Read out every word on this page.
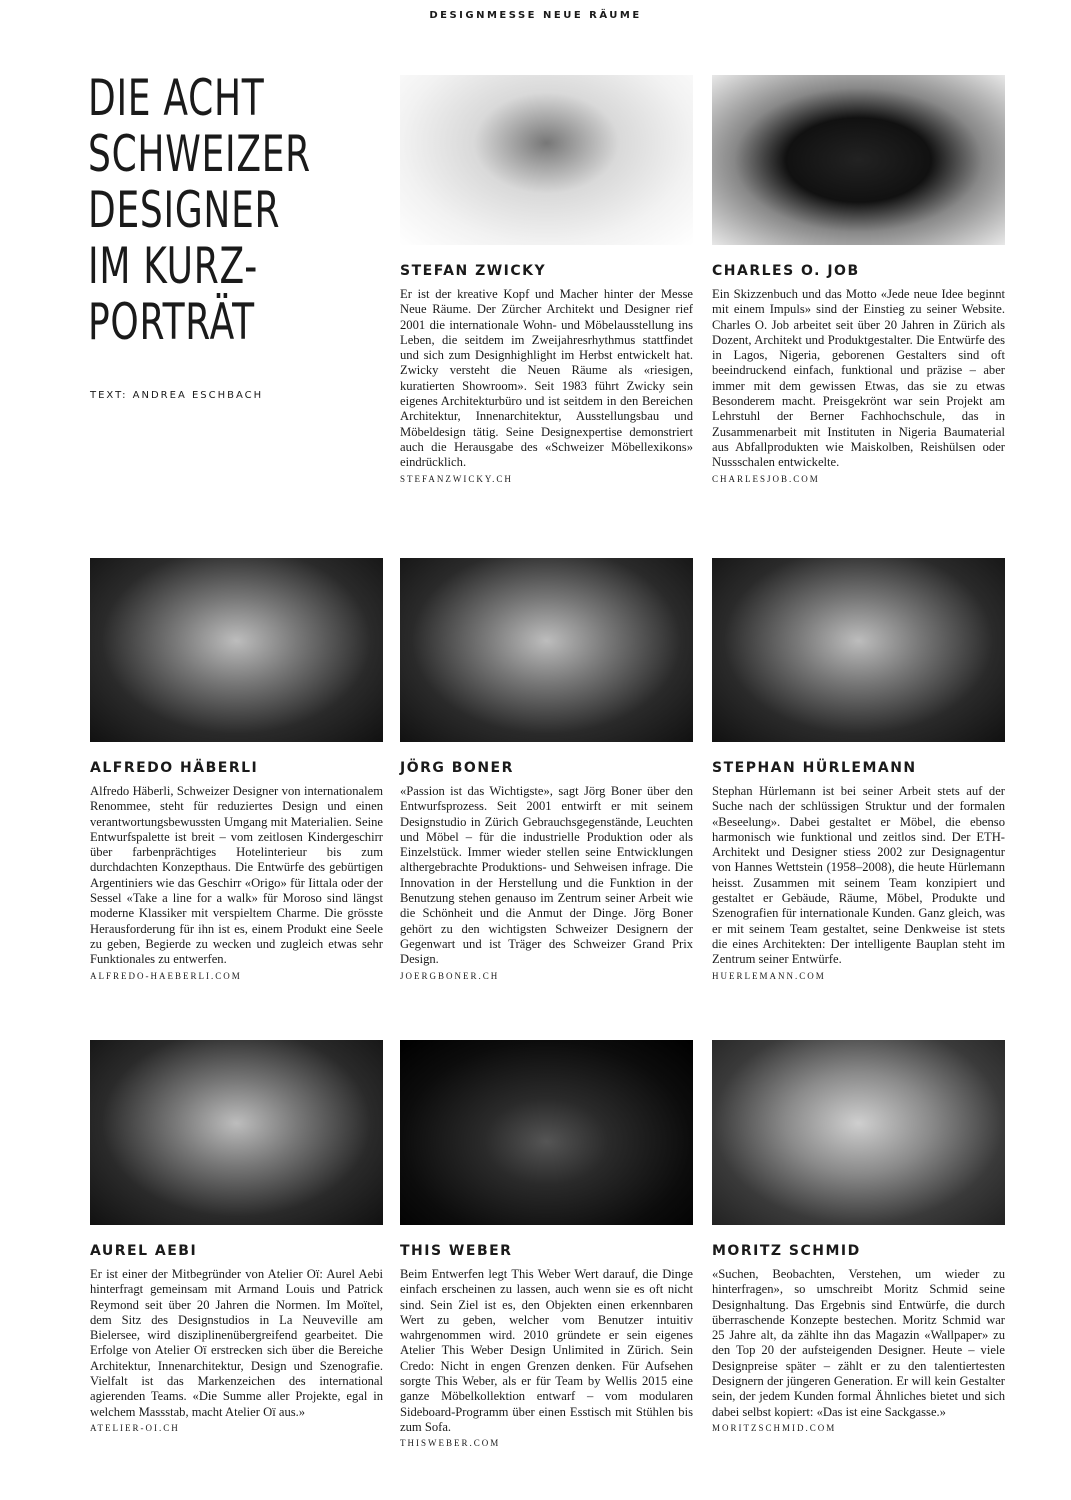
DESIGNMESSE NEUE RÄUME
DIE ACHT
SCHWEIZER
DESIGNER
IM KURZ-
PORTRÄT
TEXT: ANDREA ESCHBACH
STEFAN ZWICKY

Er ist der kreative Kopf und Macher hinter der Messe Neue Räume. Der Zürcher Architekt und Designer rief 2001 die internationale Wohn- und Möbelausstellung ins Leben, die seitdem im Zweijahresrhythmus stattfindet und sich zum Designhighlight im Herbst entwickelt hat. Zwicky versteht die Neuen Räume als «riesigen, kuratierten Showroom». Seit 1983 führt Zwicky sein eigenes Architekturbüro und ist seitdem in den Bereichen Architektur, Innenarchitektur, Ausstellungsbau und Möbeldesign tätig. Seine Designexpertise demonstriert auch die Herausgabe des «Schweizer Möbellexikons» eindrücklich.

STEFANZWICKY.CH
CHARLES O. JOB

Ein Skizzenbuch und das Motto «Jede neue Idee beginnt mit einem Impuls» sind der Einstieg zu seiner Website. Charles O. Job arbeitet seit über 20 Jahren in Zürich als Dozent, Architekt und Produktgestalter. Die Entwürfe des in Lagos, Nigeria, geborenen Gestalters sind oft beeindruckend einfach, funktional und präzise – aber immer mit dem gewissen Etwas, das sie zu etwas Besonderem macht. Preisgekrönt war sein Projekt am Lehrstuhl der Berner Fachhochschule, das in Zusammenarbeit mit Instituten in Nigeria Baumaterial aus Abfallprodukten wie Maiskolben, Reishülsen oder Nussschalen entwickelte.

CHARLESJOB.COM
ALFREDO HÄBERLI

Alfredo Häberli, Schweizer Designer von internationalem Renommee, steht für reduziertes Design und einen verantwortungsbewussten Umgang mit Materialien. Seine Entwurfspalette ist breit – vom zeitlosen Kindergeschirr über farbenprächtiges Hotelinterieur bis zum durchdachten Konzepthaus. Die Entwürfe des gebürtigen Argentiniers wie das Geschirr «Origo» für Iittala oder der Sessel «Take a line for a walk» für Moroso sind längst moderne Klassiker mit verspieltem Charme. Die grösste Herausforderung für ihn ist es, einem Produkt eine Seele zu geben, Begierde zu wecken und zugleich etwas sehr Funktionales zu entwerfen.

ALFREDO-HAEBERLI.COM
JÖRG BONER

«Passion ist das Wichtigste», sagt Jörg Boner über den Entwurfsprozess. Seit 2001 entwirft er mit seinem Designstudio in Zürich Gebrauchsgegenstände, Leuchten und Möbel – für die industrielle Produktion oder als Einzelstück. Immer wieder stellen seine Entwicklungen althergebrachte Produktions- und Sehweisen infrage. Die Innovation in der Herstellung und die Funktion in der Benutzung stehen genauso im Zentrum seiner Arbeit wie die Schönheit und die Anmut der Dinge. Jörg Boner gehört zu den wichtigsten Schweizer Designern der Gegenwart und ist Träger des Schweizer Grand Prix Design.

JOERGBONER.CH
STEPHAN HÜRLEMANN

Stephan Hürlemann ist bei seiner Arbeit stets auf der Suche nach der schlüssigen Struktur und der formalen «Beseelung». Dabei gestaltet er Möbel, die ebenso harmonisch wie funktional und zeitlos sind. Der ETH-Architekt und Designer stiess 2002 zur Designagentur von Hannes Wettstein (1958–2008), die heute Hürlemann heisst. Zusammen mit seinem Team konzipiert und gestaltet er Gebäude, Räume, Möbel, Produkte und Szenografien für internationale Kunden. Ganz gleich, was er mit seinem Team gestaltet, seine Denkweise ist stets die eines Architekten: Der intelligente Bauplan steht im Zentrum seiner Entwürfe.

HUERLEMANN.COM
AUREL AEBI

Er ist einer der Mitbegründer von Atelier Oï: Aurel Aebi hinterfragt gemeinsam mit Armand Louis und Patrick Reymond seit über 20 Jahren die Normen. Im Moïtel, dem Sitz des Designstudios in La Neuveville am Bielersee, wird disziplinenübergreifend gearbeitet. Die Erfolge von Atelier Oï erstrecken sich über die Bereiche Architektur, Innenarchitektur, Design und Szenografie. Vielfalt ist das Markenzeichen des international agierenden Teams. «Die Summe aller Projekte, egal in welchem Massstab, macht Atelier Oï aus.»

ATELIER-OI.CH
THIS WEBER

Beim Entwerfen legt This Weber Wert darauf, die Dinge einfach erscheinen zu lassen, auch wenn sie es oft nicht sind. Sein Ziel ist es, den Objekten einen erkennbaren Wert zu geben, welcher vom Benutzer intuitiv wahrgenommen wird. 2010 gründete er sein eigenes Atelier This Weber Design Unlimited in Zürich. Sein Credo: Nicht in engen Grenzen denken. Für Aufsehen sorgte This Weber, als er für Team by Wellis 2015 eine ganze Möbelkollektion entwarf – vom modularen Sideboard-Programm über einen Esstisch mit Stühlen bis zum Sofa.

THISWEBER.COM
MORITZ SCHMID

«Suchen, Beobachten, Verstehen, um wieder zu hinterfragen», so umschreibt Moritz Schmid seine Designhaltung. Das Ergebnis sind Entwürfe, die durch überraschende Konzepte bestechen. Moritz Schmid war 25 Jahre alt, da zählte ihn das Magazin «Wallpaper» zu den Top 20 der aufsteigenden Designer. Heute – viele Designpreise später – zählt er zu den talentiertesten Designern der jüngeren Generation. Er will kein Gestalter sein, der jedem Kunden formal Ähnliches bietet und sich dabei selbst kopiert: «Das ist eine Sackgasse.»

MORITZSCHMID.COM
